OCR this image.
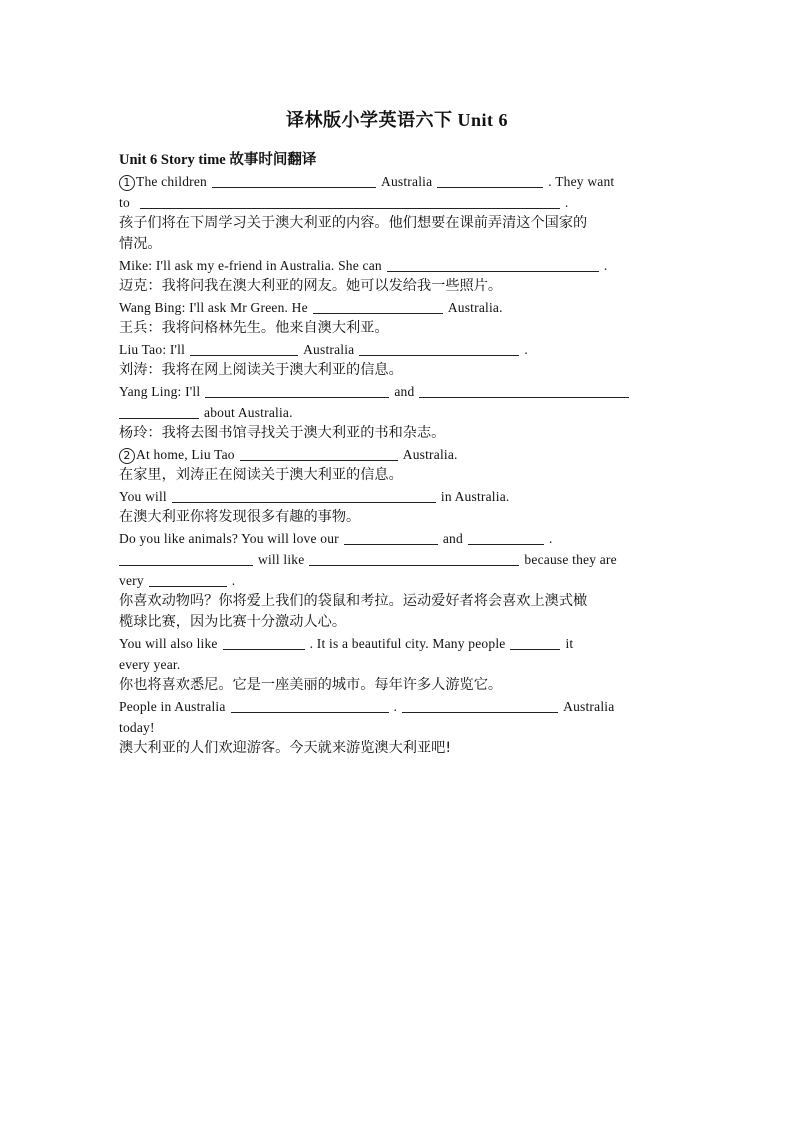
译林版小学英语六下 Unit 6
Unit 6 Story time 故事时间翻译
1 The children	Australia	. They want
to	.
孩子们将在下周学习关于澳大利亚的内容。他们想要在课前弄清这个国家的
情况。
Mike: I'll ask my e-friend in Australia. She can	.
迈克：我将问我在澳大利亚的网友。她可以发给我一些照片。
Wang Bing: I'll ask Mr Green. He	Australia.
王兵：我将问格林先生。他来自澳大利亚。
Liu Tao: I'll	Australia	.
刘涛：我将在网上阅读关于澳大利亚的信息。
Yang Ling: I'll	and
about Australia.
杨玲：我将去图书馆寻找关于澳大利亚的书和杂志。
2 At home, Liu Tao	Australia.
在家里，刘涛正在阅读关于澳大利亚的信息。
You will	in Australia.
在澳大利亚你将发现很多有趣的事物。
Do you like animals? You will love our	and	.
will like	because they are
very	.
你喜欢动物吗？你将爱上我们的袋鼠和考拉。运动爱好者将会喜欢上澳式橄
榄球比赛，因为比赛十分激动人心。
You will also like	. It is a beautiful city. Many people	it
every year.
你也将喜欢悉尼。它是一座美丽的城市。每年许多人游览它。
People in Australia	.	Australia
today!
澳大利亚的人们欢迎游客。今天就来游览澳大利亚吧!
